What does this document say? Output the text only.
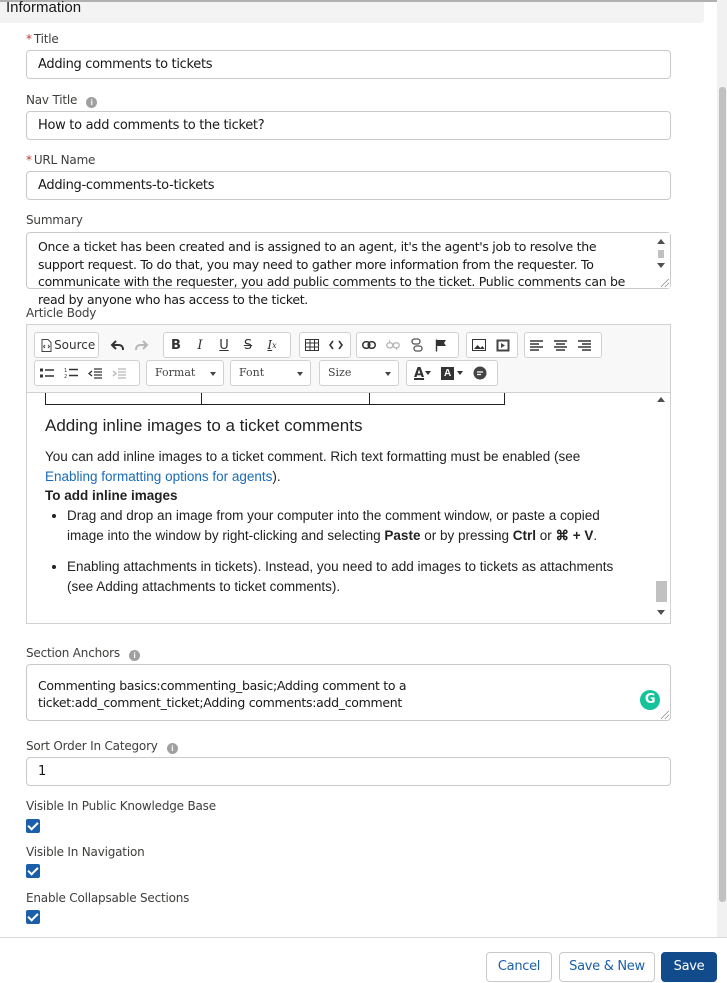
Information
* Title
Adding comments to tickets
Nav Title i
How to add comments to the ticket?
* URL Name
Adding-comments-to-tickets
Summary
Once a ticket has been created and is assigned to an agent, it's the agent's job to resolve the support request. To do that, you may need to gather more information from the requester. To communicate with the requester, you add public comments to the ticket. Public comments can be read by anyone who has access to the ticket.
Article Body
Source	B	I	U	S	I x
1
2	Format	Font	Size	A A
Adding inline images to a ticket comments
You can add inline images to a ticket comment. Rich text formatting must be enabled (see Enabling formatting options for agents).
To add inline images
• Drag and drop an image from your computer into the comment window, or paste a copied image into the window by right-clicking and selecting Paste or by pressing Ctrl or ⌘ + V.
• Enabling attachments in tickets). Instead, you need to add images to tickets as attachments (see Adding attachments to ticket comments).
Section Anchors i
Commenting basics:commenting_basic;Adding comment to a ticket:add_comment_ticket;Adding comments:add_comment	G
Sort Order In Category i
1
Visible In Public Knowledge Base
Visible In Navigation
Enable Collapsable Sections
Cancel	Save & New	Save
